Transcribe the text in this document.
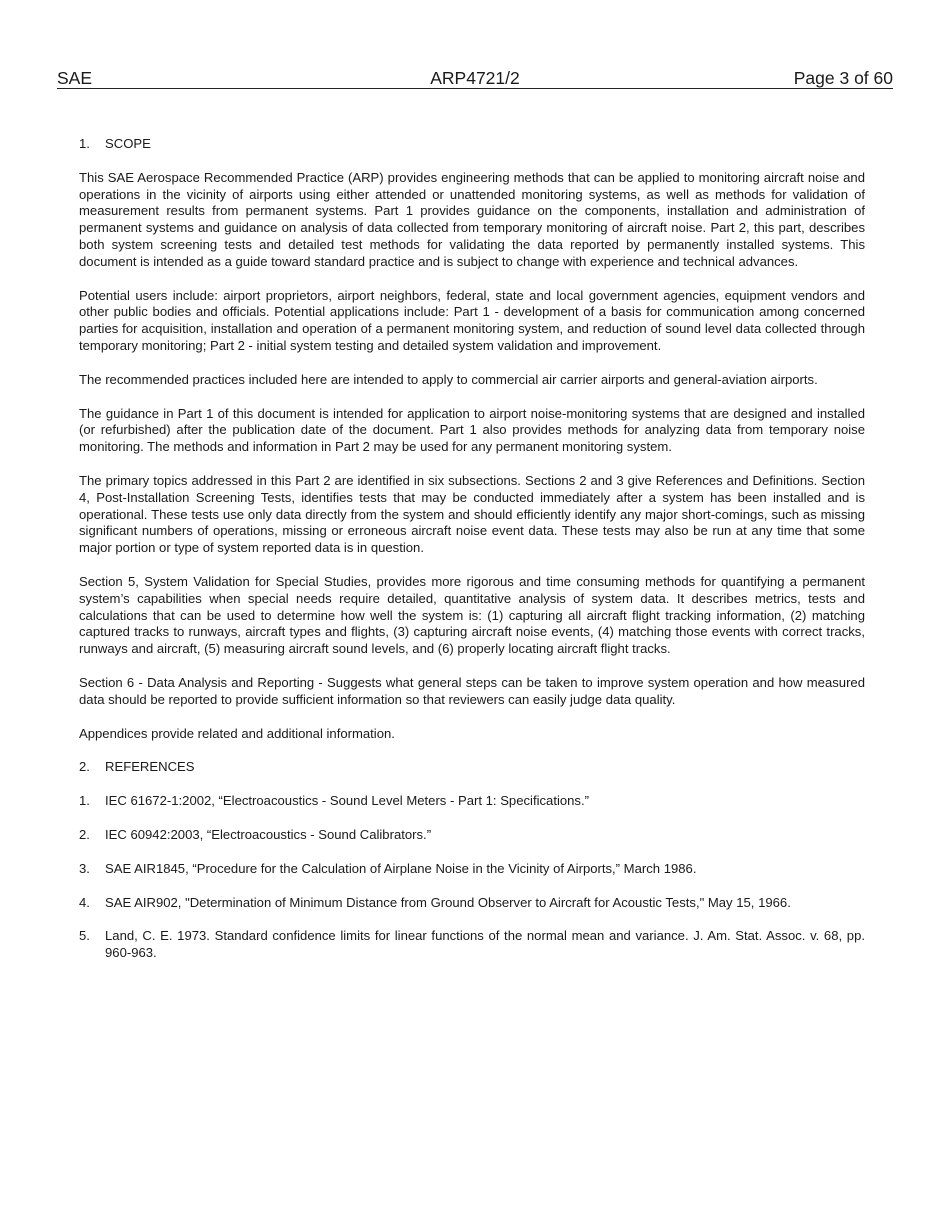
SAE	ARP4721/2	Page 3 of 60
1.	SCOPE

This SAE Aerospace Recommended Practice (ARP) provides engineering methods that can be applied to monitoring aircraft noise and operations in the vicinity of airports using either attended or unattended monitoring systems, as well as methods for validation of measurement results from permanent systems. Part 1 provides guidance on the components, installation and administration of permanent systems and guidance on analysis of data collected from temporary monitoring of aircraft noise. Part 2, this part, describes both system screening tests and detailed test methods for validating the data reported by permanently installed systems. This document is intended as a guide toward standard practice and is subject to change with experience and technical advances.

Potential users include: airport proprietors, airport neighbors, federal, state and local government agencies, equipment vendors and other public bodies and officials. Potential applications include: Part 1 - development of a basis for communication among concerned parties for acquisition, installation and operation of a permanent monitoring system, and reduction of sound level data collected through temporary monitoring; Part 2 - initial system testing and detailed system validation and improvement.

The recommended practices included here are intended to apply to commercial air carrier airports and general-aviation airports.

The guidance in Part 1 of this document is intended for application to airport noise-monitoring systems that are designed and installed (or refurbished) after the publication date of the document. Part 1 also provides methods for analyzing data from temporary noise monitoring. The methods and information in Part 2 may be used for any permanent monitoring system.

The primary topics addressed in this Part 2 are identified in six subsections. Sections 2 and 3 give References and Definitions. Section 4, Post-Installation Screening Tests, identifies tests that may be conducted immediately after a system has been installed and is operational. These tests use only data directly from the system and should efficiently identify any major short-comings, such as missing significant numbers of operations, missing or erroneous aircraft noise event data. These tests may also be run at any time that some major portion or type of system reported data is in question.

Section 5, System Validation for Special Studies, provides more rigorous and time consuming methods for quantifying a permanent system’s capabilities when special needs require detailed, quantitative analysis of system data. It describes metrics, tests and calculations that can be used to determine how well the system is: (1) capturing all aircraft flight tracking information, (2) matching captured tracks to runways, aircraft types and flights, (3) capturing aircraft noise events, (4) matching those events with correct tracks, runways and aircraft, (5) measuring aircraft sound levels, and (6) properly locating aircraft flight tracks.

Section 6 - Data Analysis and Reporting - Suggests what general steps can be taken to improve system operation and how measured data should be reported to provide sufficient information so that reviewers can easily judge data quality.

Appendices provide related and additional information.

2.	REFERENCES
1.	IEC 61672-1:2002, “Electroacoustics - Sound Level Meters - Part 1: Specifications.”
2.	IEC 60942:2003, “Electroacoustics - Sound Calibrators.”
3.	SAE AIR1845, “Procedure for the Calculation of Airplane Noise in the Vicinity of Airports,” March 1986.
4.	SAE AIR902, "Determination of Minimum Distance from Ground Observer to Aircraft for Acoustic Tests," May 15, 1966.
5.	Land, C. E. 1973. Standard confidence limits for linear functions of the normal mean and variance. J. Am. Stat. Assoc. v. 68, pp. 960-963.
